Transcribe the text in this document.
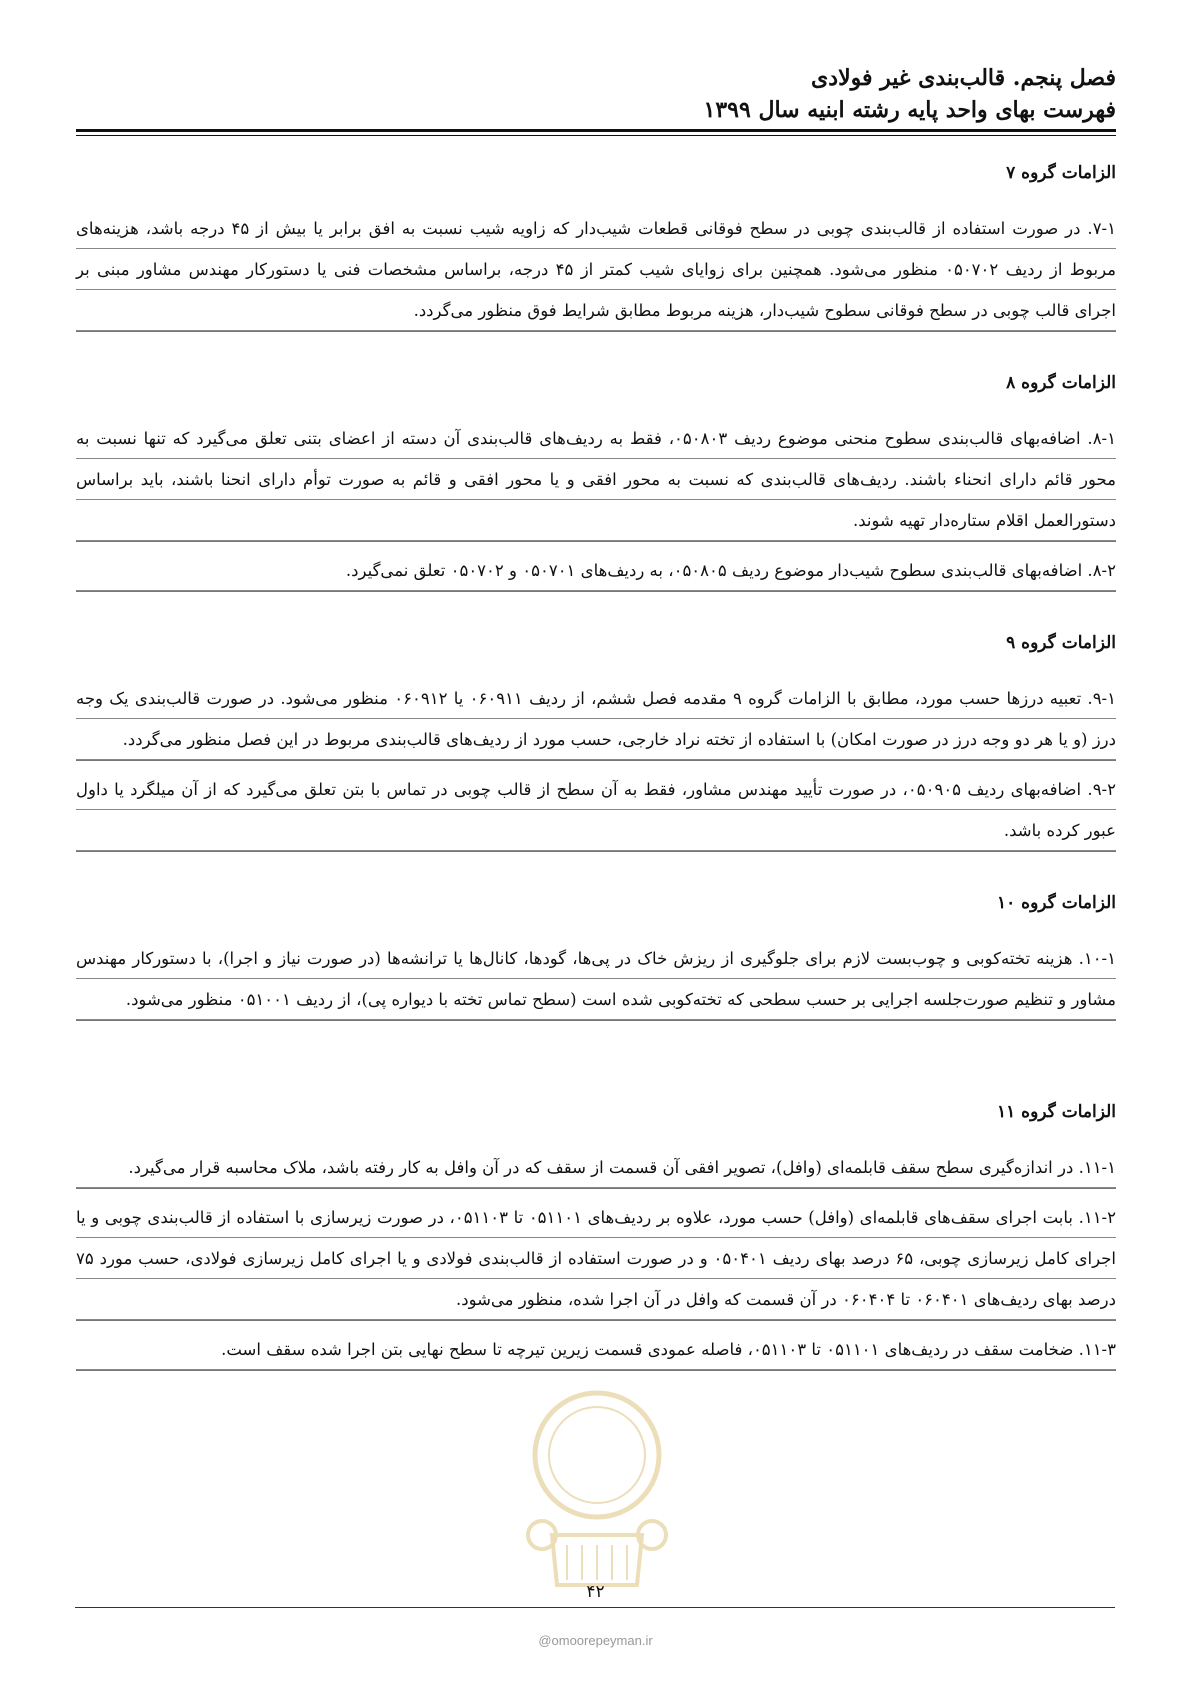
فصل پنجم. قالب‌بندی غیر فولادی

فهرست بهای واحد پایه رشته ابنیه سال ۱۳۹۹

الزامات گروه ۷

۷-۱. در صورت استفاده از قالب‌بندی چوبی در سطح فوقانی قطعات شیب‌دار که زاویه شیب نسبت به افق برابر یا بیش از ۴۵ درجه باشد، هزینه‌های مربوط از ردیف ۰۵۰۷۰۲ منظور می‌شود. همچنین برای زوایای شیب کمتر از ۴۵ درجه، براساس مشخصات فنی یا دستورکار مهندس مشاور مبنی بر اجرای قالب چوبی در سطح فوقانی سطوح شیب‌دار، هزینه مربوط مطابق شرایط فوق منظور می‌گردد.

الزامات گروه ۸

۸-۱. اضافه‌بهای قالب‌بندی سطوح منحنی موضوع ردیف ۰۵۰۸۰۳، فقط به ردیف‌های قالب‌بندی آن دسته از اعضای بتنی تعلق می‌گیرد که تنها نسبت به محور قائم دارای انحناء باشند. ردیف‌های قالب‌بندی که نسبت به محور افقی و یا محور افقی و قائم به صورت توأم دارای انحنا باشند، باید براساس دستورالعمل اقلام ستاره‌دار تهیه شوند.

۸-۲. اضافه‌بهای قالب‌بندی سطوح شیب‌دار موضوع ردیف ۰۵۰۸۰۵، به ردیف‌های ۰۵۰۷۰۱ و ۰۵۰۷۰۲ تعلق نمی‌گیرد.

الزامات گروه ۹

۹-۱. تعبیه درزها حسب مورد، مطابق با الزامات گروه ۹ مقدمه فصل ششم، از ردیف ۰۶۰۹۱۱ یا ۰۶۰۹۱۲ منظور می‌شود. در صورت قالب‌بندی یک وجه درز (و یا هر دو وجه درز در صورت امکان) با استفاده از تخته نراد خارجی، حسب مورد از ردیف‌های قالب‌بندی مربوط در این فصل منظور می‌گردد.

۹-۲. اضافه‌بهای ردیف ۰۵۰۹۰۵، در صورت تأیید مهندس مشاور، فقط به آن سطح از قالب چوبی در تماس با بتن تعلق می‌گیرد که از آن میلگرد یا داول عبور کرده باشد.

الزامات گروه ۱۰

۱۰-۱. هزینه تخته‌کوبی و چوب‌بست لازم برای جلوگیری از ریزش خاک در پی‌ها، گودها، کانال‌ها یا ترانشه‌ها (در صورت نیاز و اجرا)، با دستورکار مهندس مشاور و تنظیم صورت‌جلسه اجرایی بر حسب سطحی که تخته‌کوبی شده است (سطح تماس تخته با دیواره پی)، از ردیف ۰۵۱۰۰۱ منظور می‌شود.

الزامات گروه ۱۱

۱۱-۱. در اندازه‌گیری سطح سقف قابلمه‌ای (وافل)، تصویر افقی آن قسمت از سقف که در آن وافل به کار رفته باشد، ملاک محاسبه قرار می‌گیرد.

۱۱-۲. بابت اجرای سقف‌های قابلمه‌ای (وافل) حسب مورد، علاوه بر ردیف‌های ۰۵۱۱۰۱ تا ۰۵۱۱۰۳، در صورت زیرسازی با استفاده از قالب‌بندی چوبی و یا اجرای کامل زیرسازی چوبی، ۶۵ درصد بهای ردیف ۰۵۰۴۰۱ و در صورت استفاده از قالب‌بندی فولادی و یا اجرای کامل زیرسازی فولادی، حسب مورد ۷۵ درصد بهای ردیف‌های ۰۶۰۴۰۱ تا ۰۶۰۴۰۴ در آن قسمت که وافل در آن اجرا شده، منظور می‌شود.

۱۱-۳. ضخامت سقف در ردیف‌های ۰۵۱۱۰۱ تا ۰۵۱۱۰۳، فاصله عمودی قسمت زیرین تیرچه تا سطح نهایی بتن اجرا شده سقف است.

۴۲
@omoorepeyman.ir
